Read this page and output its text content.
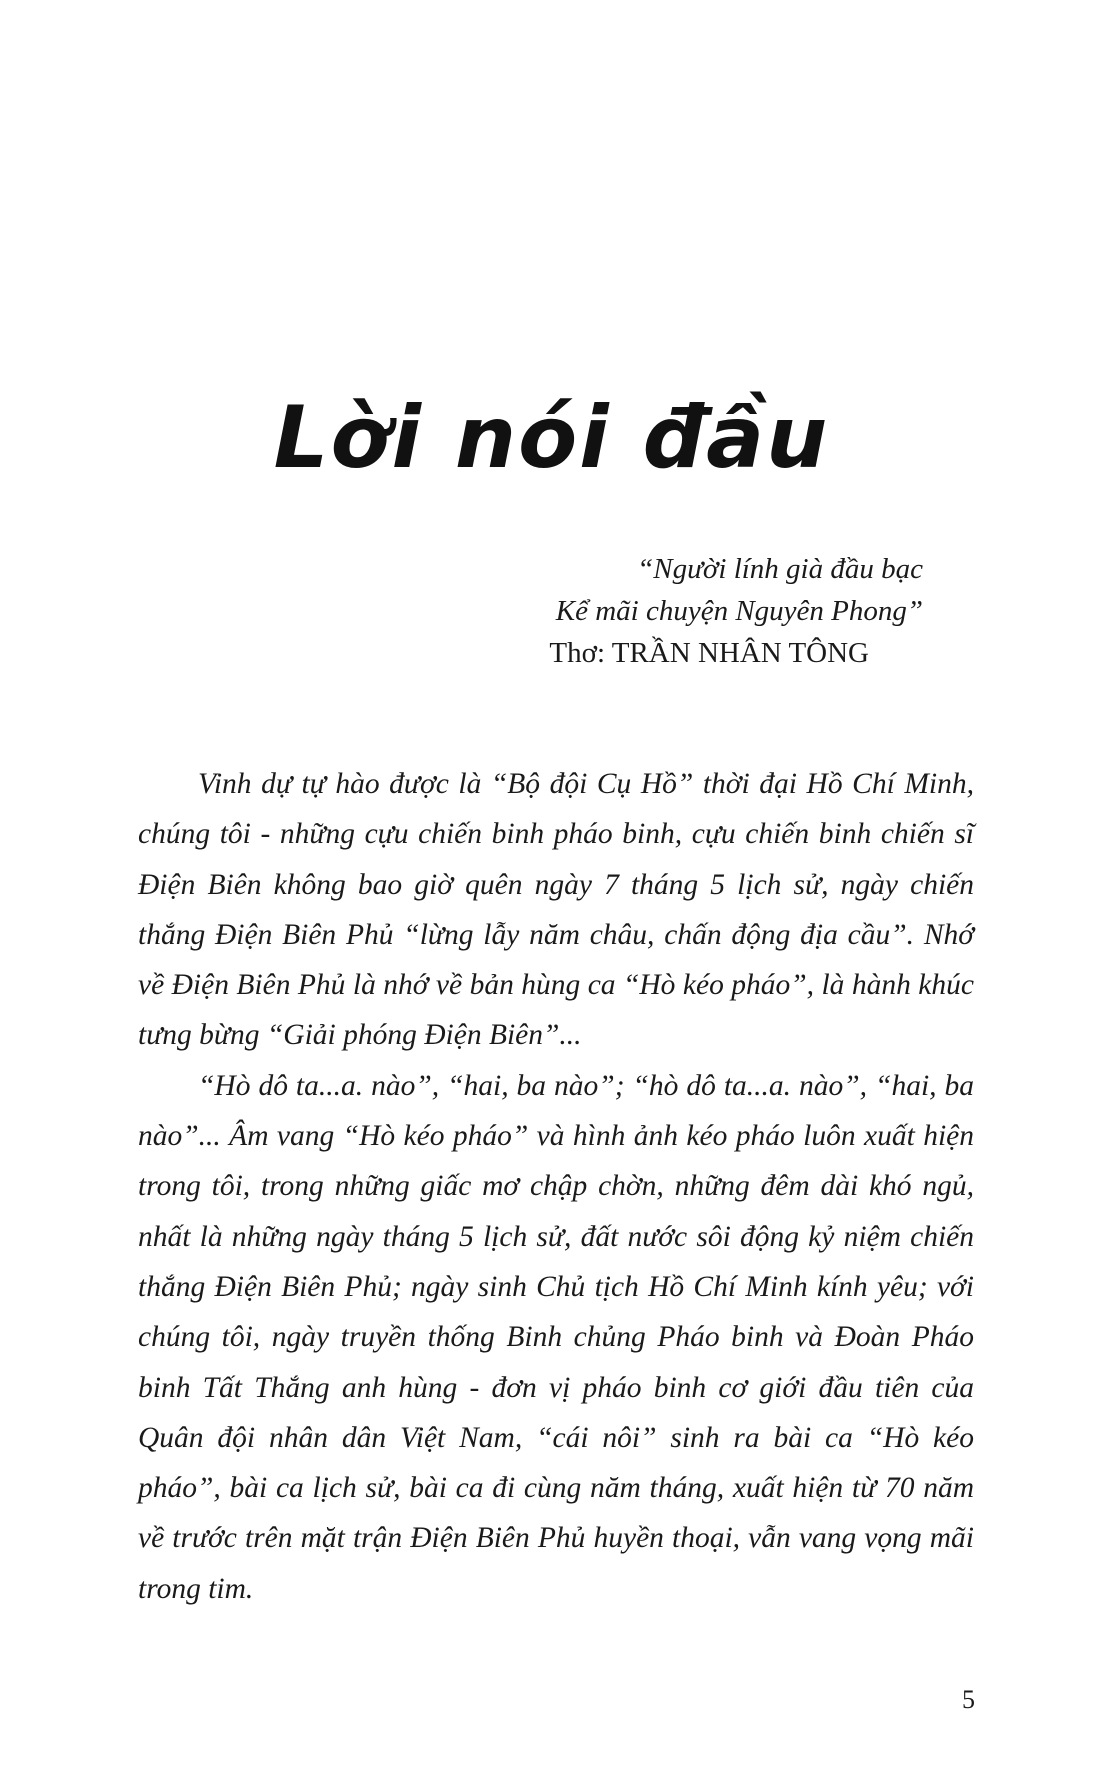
Lời nói đầu
“Người lính già đầu bạc
Kể mãi chuyện Nguyên Phong”
Thơ: TRẦN NHÂN TÔNG

Vinh dự tự hào được là “Bộ đội Cụ Hồ” thời đại Hồ Chí Minh, chúng tôi - những cựu chiến binh pháo binh, cựu chiến binh chiến sĩ Điện Biên không bao giờ quên ngày 7 tháng 5 lịch sử, ngày chiến thắng Điện Biên Phủ “lừng lẫy năm châu, chấn động địa cầu”. Nhớ về Điện Biên Phủ là nhớ về bản hùng ca “Hò kéo pháo”, là hành khúc tưng bừng “Giải phóng Điện Biên”...

“Hò dô ta...a. nào”, “hai, ba nào”; “hò dô ta...a. nào”, “hai, ba nào”... Âm vang “Hò kéo pháo” và hình ảnh kéo pháo luôn xuất hiện trong tôi, trong những giấc mơ chập chờn, những đêm dài khó ngủ, nhất là những ngày tháng 5 lịch sử, đất nước sôi động kỷ niệm chiến thắng Điện Biên Phủ; ngày sinh Chủ tịch Hồ Chí Minh kính yêu; với chúng tôi, ngày truyền thống Binh chủng Pháo binh và Đoàn Pháo binh Tất Thắng anh hùng - đơn vị pháo binh cơ giới đầu tiên của Quân đội nhân dân Việt Nam, “cái nôi” sinh ra bài ca “Hò kéo pháo”, bài ca lịch sử, bài ca đi cùng năm tháng, xuất hiện từ 70 năm về trước trên mặt trận Điện Biên Phủ huyền thoại, vẫn vang vọng mãi trong tim.

5
